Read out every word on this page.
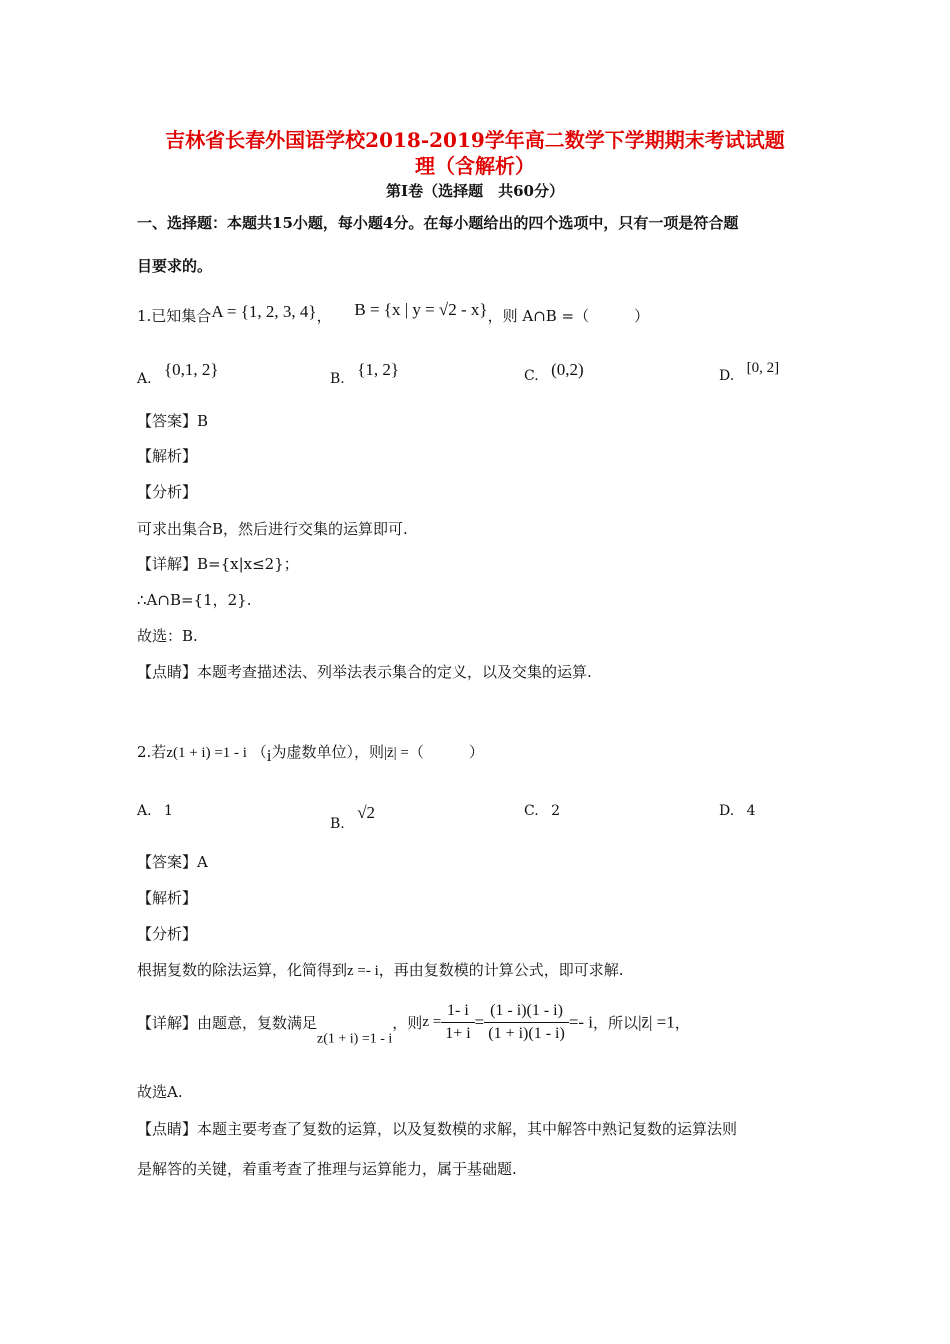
吉林省长春外国语学校2018-2019学年高二数学下学期期末考试试题
理（含解析）
第Ⅰ卷（选择题　共60分）
一、选择题：本题共15小题，每小题4分。在每小题给出的四个选项中，只有一项是符合题
目要求的。
1.已知集合A = {1, 2, 3, 4}， B = {x | y = √2 - x}，则 A∩B =（　　　）
A. {0,1, 2}	B. {1, 2}	C. (0,2)	D. [0, 2]
【答案】B
【解析】
【分析】
可求出集合B，然后进行交集的运算即可.
【详解】B={x|x≤2}；
∴A∩B={1，2}.
故选：B.
【点睛】本题考查描述法、列举法表示集合的定义，以及交集的运算.
2.若z(1 + i) =1 - i （i为虚数单位），则|z̄| =（　　　）
A. 1
B. √2	C. 2	D. 4
【答案】A
【解析】
【分析】
根据复数的除法运算，化简得到z =- i，再由复数模的计算公式，即可求解.
【详解】由题意，复数满足z(1 + i) =1 - i，则$z = \frac{1- i}{1+ i} = \frac{(1 - i)(1 - i)}{(1 + i)(1 - i)} =- i$，所以|z̄| =1，
故选A.
【点睛】本题主要考查了复数的运算，以及复数模的求解，其中解答中熟记复数的运算法则
是解答的关键，着重考查了推理与运算能力，属于基础题.
